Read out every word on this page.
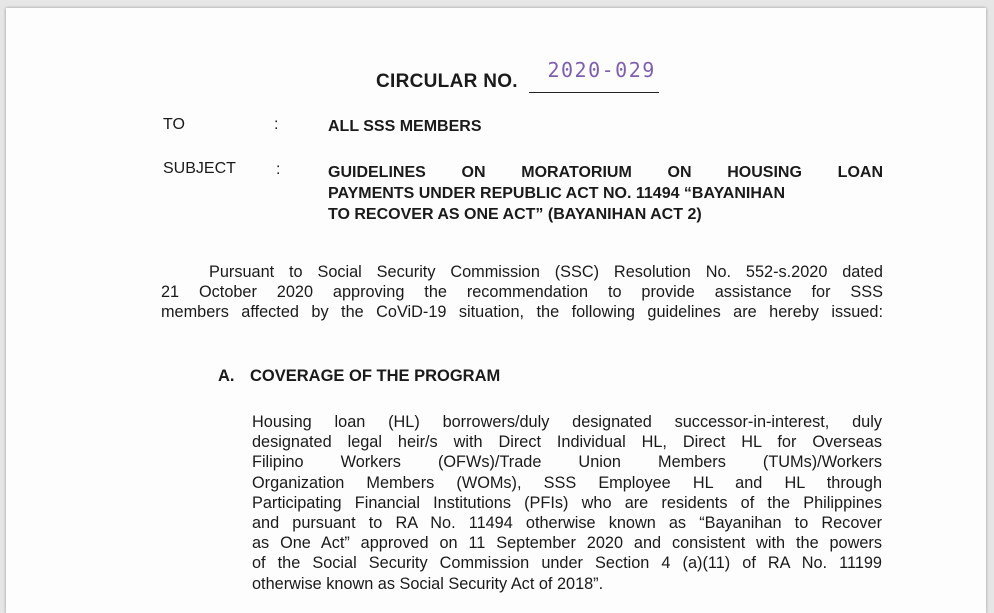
CIRCULAR NO. 2020-029
TO	:	ALL SSS MEMBERS
SUBJECT	:	GUIDELINES ON MORATORIUM ON HOUSING LOAN
PAYMENTS UNDER REPUBLIC ACT NO. 11494 “BAYANIHAN
TO RECOVER AS ONE ACT” (BAYANIHAN ACT 2)
Pursuant to Social Security Commission (SSC) Resolution No. 552-s.2020 dated
21 October 2020 approving the recommendation to provide assistance for SSS
members affected by the CoViD-19 situation, the following guidelines are hereby issued:
A. COVERAGE OF THE PROGRAM
Housing loan (HL) borrowers/duly designated successor-in-interest, duly
designated legal heir/s with Direct Individual HL, Direct HL for Overseas
Filipino Workers (OFWs)/Trade Union Members (TUMs)/Workers
Organization Members (WOMs), SSS Employee HL and HL through
Participating Financial Institutions (PFIs) who are residents of the Philippines
and pursuant to RA No. 11494 otherwise known as “Bayanihan to Recover
as One Act” approved on 11 September 2020 and consistent with the powers
of the Social Security Commission under Section 4 (a)(11) of RA No. 11199
otherwise known as Social Security Act of 2018”.
